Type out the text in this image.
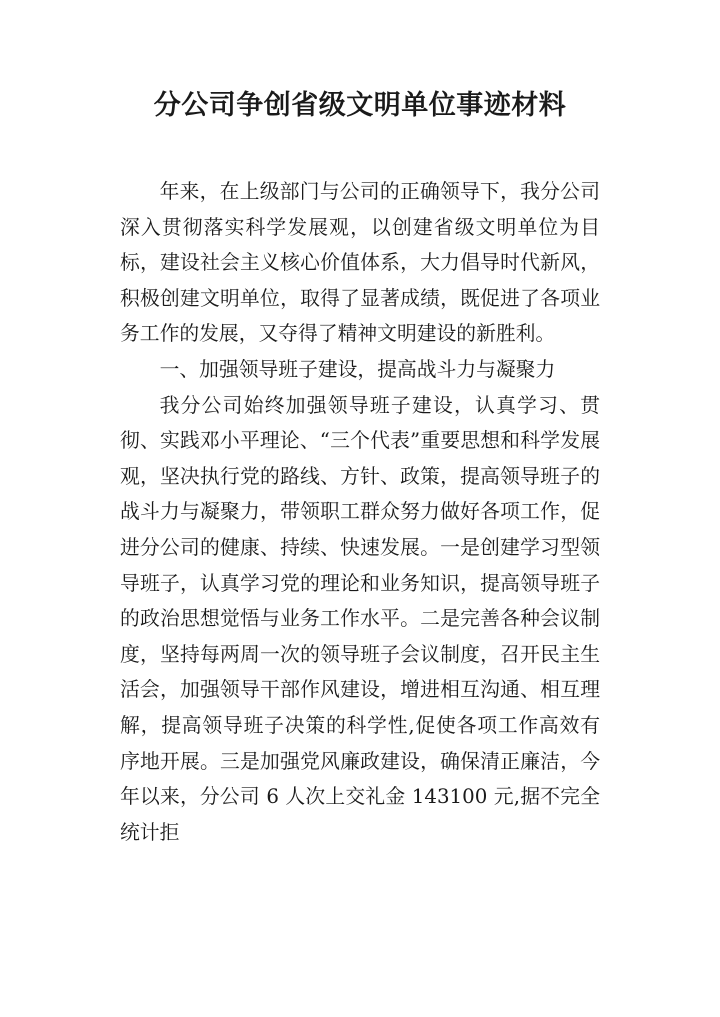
分公司争创省级文明单位事迹材料

年来，在上级部门与公司的正确领导下，我分公司深入贯彻落实科学发展观，以创建省级文明单位为目标，建设社会主义核心价值体系，大力倡导时代新风，积极创建文明单位，取得了显著成绩，既促进了各项业务工作的发展，又夺得了精神文明建设的新胜利。

一、加强领导班子建设，提高战斗力与凝聚力

我分公司始终加强领导班子建设，认真学习、贯彻、实践邓小平理论、“三个代表”重要思想和科学发展观，坚决执行党的路线、方针、政策，提高领导班子的战斗力与凝聚力，带领职工群众努力做好各项工作，促进分公司的健康、持续、快速发展。一是创建学习型领导班子，认真学习党的理论和业务知识，提高领导班子的政治思想觉悟与业务工作水平。二是完善各种会议制度，坚持每两周一次的领导班子会议制度，召开民主生活会，加强领导干部作风建设，增进相互沟通、相互理解，提高领导班子决策的科学性,促使各项工作高效有序地开展。三是加强党风廉政建设，确保清正廉洁，今年以来，分公司 6 人次上交礼金 143100 元,据不完全统计拒
